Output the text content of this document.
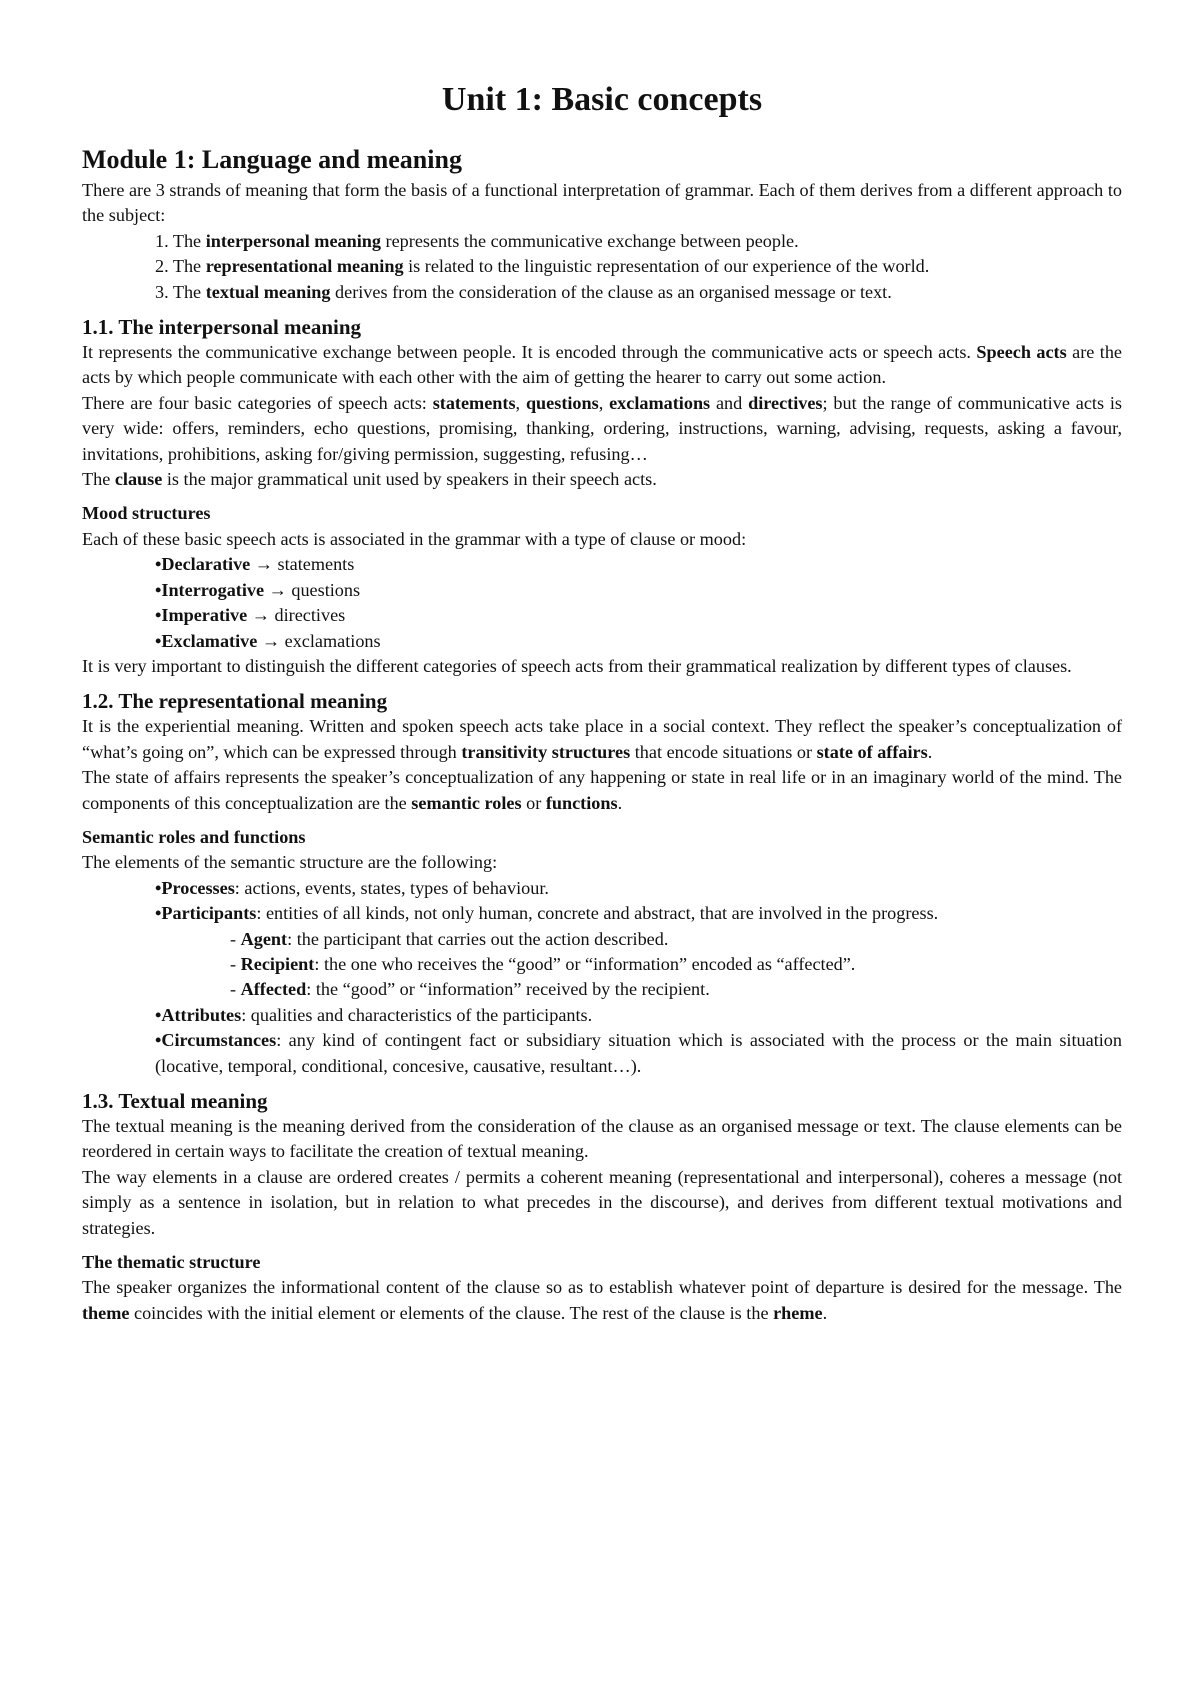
Unit 1: Basic concepts
Module 1: Language and meaning

There are 3 strands of meaning that form the basis of a functional interpretation of grammar. Each of them derives from a different approach to the subject:

1. The interpersonal meaning represents the communicative exchange between people.
2. The representational meaning is related to the linguistic representation of our experience of the world.
3. The textual meaning derives from the consideration of the clause as an organised message or text.
1.1. The interpersonal meaning

It represents the communicative exchange between people. It is encoded through the communicative acts or speech acts. Speech acts are the acts by which people communicate with each other with the aim of getting the hearer to carry out some action.

There are four basic categories of speech acts: statements, questions, exclamations and directives; but the range of communicative acts is very wide: offers, reminders, echo questions, promising, thanking, ordering, instructions, warning, advising, requests, asking a favour, invitations, prohibitions, asking for/giving permission, suggesting, refusing…

The clause is the major grammatical unit used by speakers in their speech acts.

Mood structures

Each of these basic speech acts is associated in the grammar with a type of clause or mood:

•Declarative → statements
•Interrogative → questions
•Imperative → directives
•Exclamative → exclamations

It is very important to distinguish the different categories of speech acts from their grammatical realization by different types of clauses.

1.2. The representational meaning

It is the experiential meaning. Written and spoken speech acts take place in a social context. They reflect the speaker’s conceptualization of “what’s going on”, which can be expressed through transitivity structures that encode situations or state of affairs.

The state of affairs represents the speaker’s conceptualization of any happening or state in real life or in an imaginary world of the mind. The components of this conceptualization are the semantic roles or functions.

Semantic roles and functions

The elements of the semantic structure are the following:

•Processes: actions, events, states, types of behaviour.
•Participants: entities of all kinds, not only human, concrete and abstract, that are involved in the progress.
- Agent: the participant that carries out the action described.
- Recipient: the one who receives the “good” or “information” encoded as “affected”.
- Affected: the “good” or “information” received by the recipient.
•Attributes: qualities and characteristics of the participants.

•Circumstances: any kind of contingent fact or subsidiary situation which is associated with the process or the main situation (locative, temporal, conditional, concesive, causative, resultant…).

1.3. Textual meaning

The textual meaning is the meaning derived from the consideration of the clause as an organised message or text. The clause elements can be reordered in certain ways to facilitate the creation of textual meaning.

The way elements in a clause are ordered creates / permits a coherent meaning (representational and interpersonal), coheres a message (not simply as a sentence in isolation, but in relation to what precedes in the discourse), and derives from different textual motivations and strategies.

The thematic structure

The speaker organizes the informational content of the clause so as to establish whatever point of departure is desired for the message. The theme coincides with the initial element or elements of the clause. The rest of the clause is the rheme.
